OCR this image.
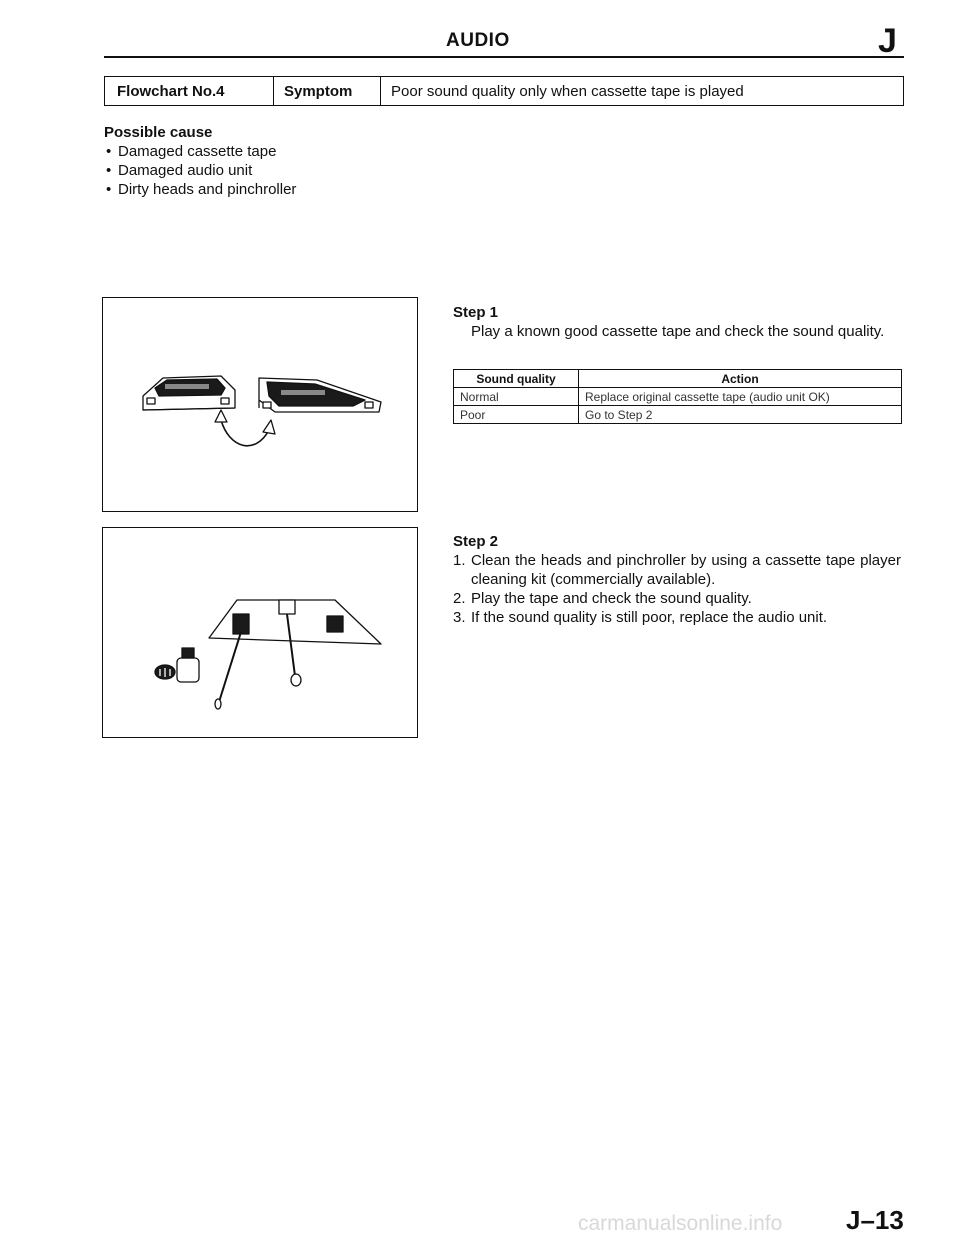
AUDIO	J
Flowchart No.4	Symptom	Poor sound quality only when cassette tape is played
Possible cause
• Damaged cassette tape
• Damaged audio unit
• Dirty heads and pinchroller
Step 1
Play a known good cassette tape and check the sound quality.
Sound quality	Action
Normal	Replace original cassette tape (audio unit OK)
Poor	Go to Step 2
Step 2
1. Clean the heads and pinchroller by using a cassette tape player cleaning kit (commercially available).
2. Play the tape and check the sound quality.
3. If the sound quality is still poor, replace the audio unit.
carmanualsonline.info J–13
